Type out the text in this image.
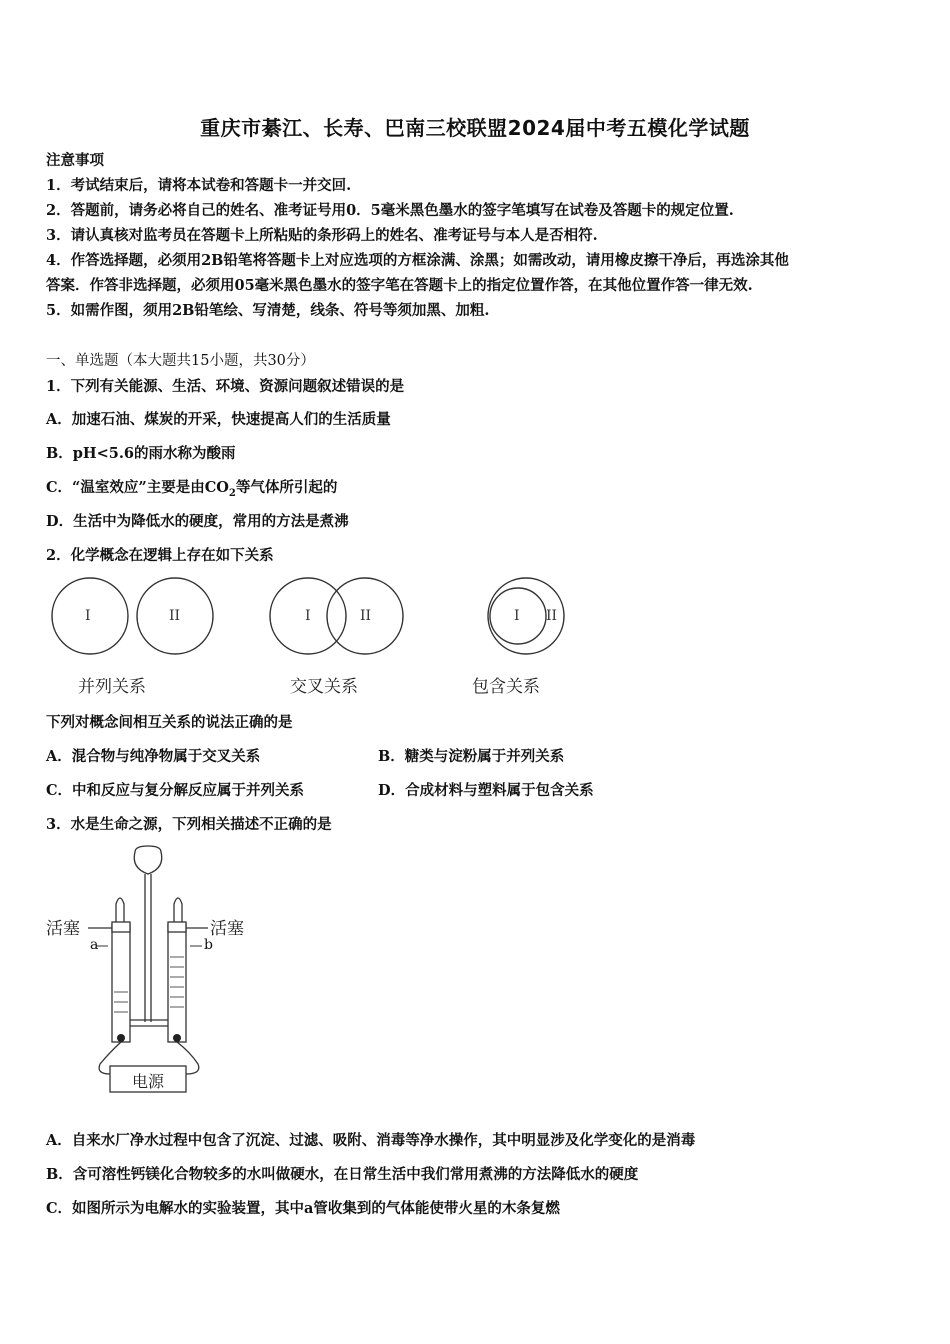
重庆市綦江、长寿、巴南三校联盟2024届中考五模化学试题
注意事项
1．考试结束后，请将本试卷和答题卡一并交回.
2．答题前，请务必将自己的姓名、准考证号用0．5毫米黑色墨水的签字笔填写在试卷及答题卡的规定位置.
3．请认真核对监考员在答题卡上所粘贴的条形码上的姓名、准考证号与本人是否相符.
4．作答选择题，必须用2B铅笔将答题卡上对应选项的方框涂满、涂黑；如需改动，请用橡皮擦干净后，再选涂其他
答案．作答非选择题，必须用05毫米黑色墨水的签字笔在答题卡上的指定位置作答，在其他位置作答一律无效.
5．如需作图，须用2B铅笔绘、写清楚，线条、符号等须加黑、加粗.
一、单选题（本大题共15小题，共30分）
1．下列有关能源、生活、环境、资源问题叙述错误的是
A．加速石油、煤炭的开采，快速提高人们的生活质量
B．pH<5.6的雨水称为酸雨
C．“温室效应”主要是由$CO_2$等气体所引起的
D．生活中为降低水的硬度，常用的方法是煮沸
2．化学概念在逻辑上存在如下关系
I	II	I	II	I II
并列关系	交叉关系	包含关系
下列对概念间相互关系的说法正确的是
A．混合物与纯净物属于交叉关系	B．糖类与淀粉属于并列关系
C．中和反应与复分解反应属于并列关系	D．合成材料与塑料属于包含关系
3．水是生命之源，下列相关描述不正确的是
活塞	活塞
a	b
电源
A．自来水厂净水过程中包含了沉淀、过滤、吸附、消毒等净水操作，其中明显涉及化学变化的是消毒
B．含可溶性钙镁化合物较多的水叫做硬水，在日常生活中我们常用煮沸的方法降低水的硬度
C．如图所示为电解水的实验装置，其中a管收集到的气体能使带火星的木条复燃
